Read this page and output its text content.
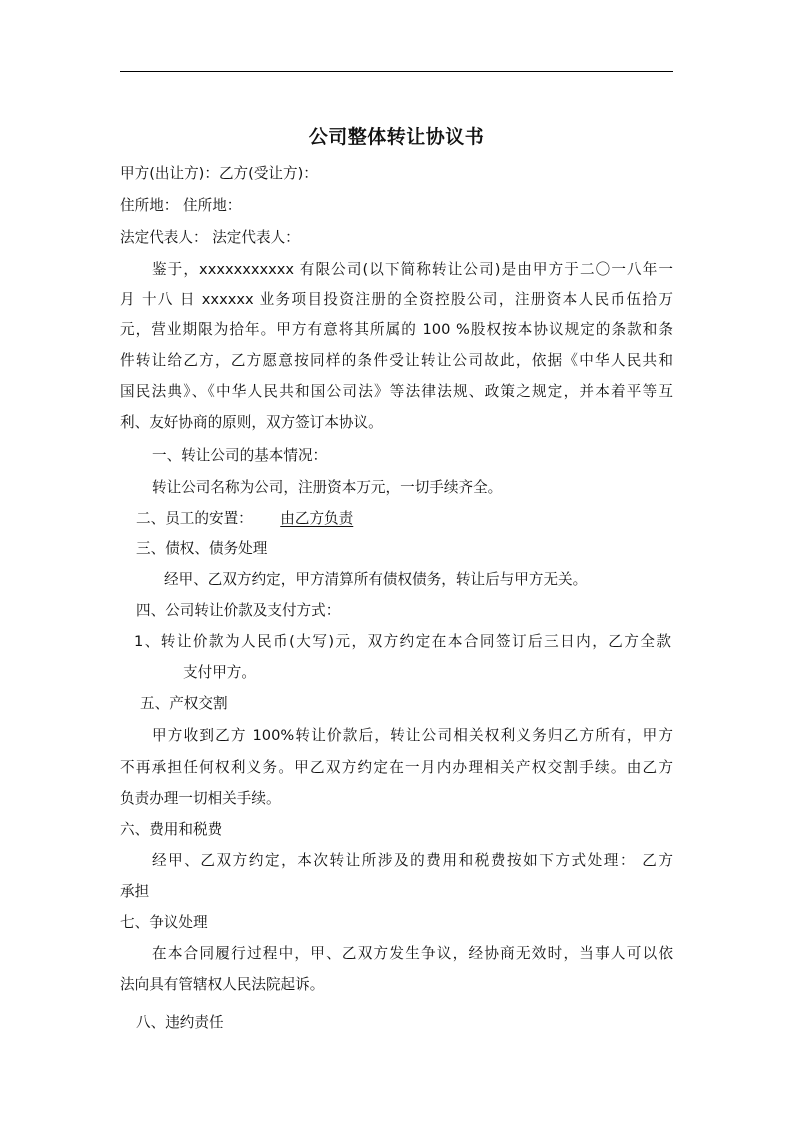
公司整体转让协议书
甲方(出让方)：乙方(受让方)：
住所地： 住所地：
法定代表人： 法定代表人：
鉴于，xxxxxxxxxxx 有限公司(以下简称转让公司)是由甲方于二〇一八年一
月 十八 日 xxxxxx 业务项目投资注册的全资控股公司，注册资本人民币伍拾万
元，营业期限为拾年。甲方有意将其所属的 100 %股权按本协议规定的条款和条
件转让给乙方，乙方愿意按同样的条件受让转让公司故此，依据《中华人民共和
国民法典》、《中华人民共和国公司法》等法律法规、政策之规定，并本着平等互
利、友好协商的原则，双方签订本协议。
一、转让公司的基本情况：
转让公司名称为公司，注册资本万元，一切手续齐全。
二、员工的安置： 由乙方负责
三、债权、债务处理
经甲、乙双方约定，甲方清算所有债权债务，转让后与甲方无关。
四、公司转让价款及支付方式：
1、转让价款为人民币(大写)元，双方约定在本合同签订后三日内，乙方全款
支付甲方。
五、产权交割
甲方收到乙方 100%转让价款后，转让公司相关权利义务归乙方所有，甲方
不再承担任何权利义务。甲乙双方约定在一月内办理相关产权交割手续。由乙方
负责办理一切相关手续。
六、费用和税费
经甲、乙双方约定，本次转让所涉及的费用和税费按如下方式处理： 乙方
承担
七、争议处理
在本合同履行过程中，甲、乙双方发生争议，经协商无效时，当事人可以依
法向具有管辖权人民法院起诉。
八、违约责任
